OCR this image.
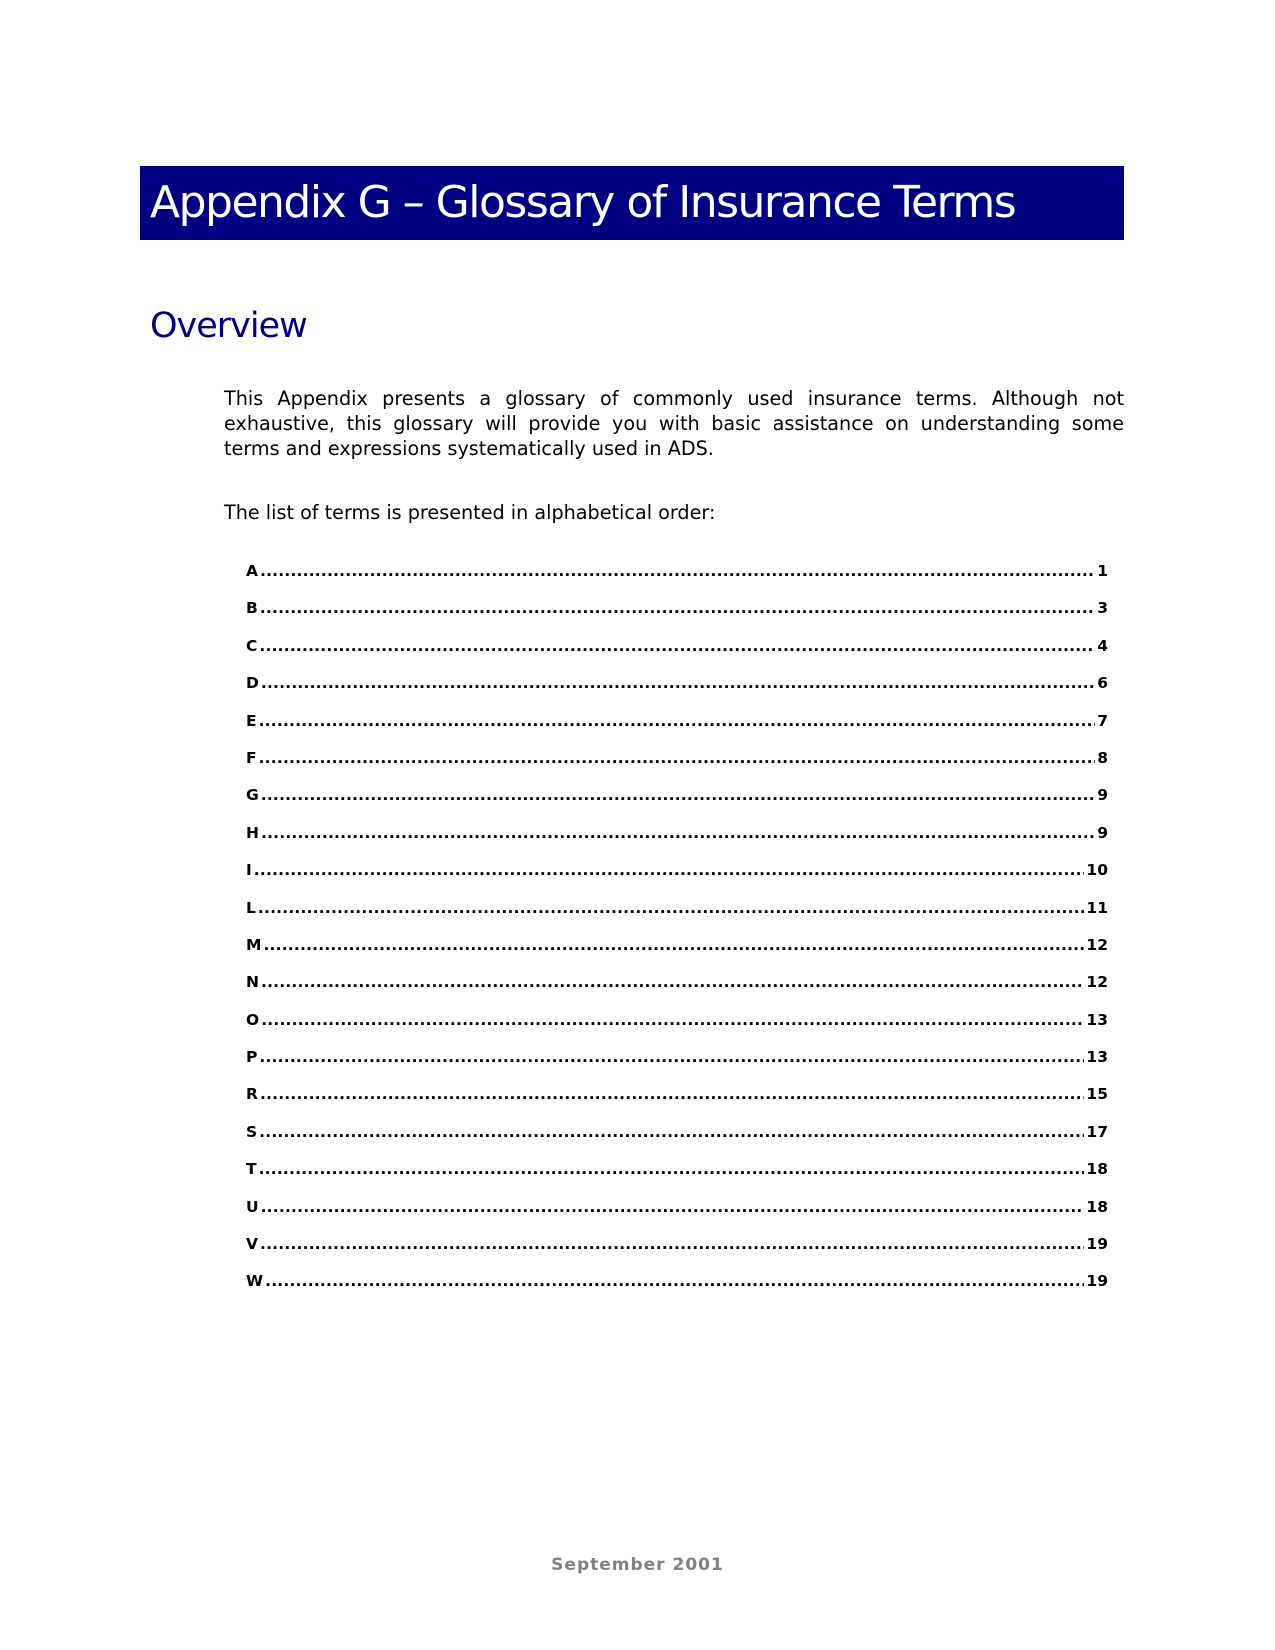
Appendix G – Glossary of Insurance Terms
Overview

This Appendix presents a glossary of commonly used insurance terms. Although not exhaustive, this glossary will provide you with basic assistance on understanding some terms and expressions systematically used in ADS.

The list of terms is presented in alphabetical order:

A .....	1
B .....	3
C .....	4
D .....	6
E .....	7
F .....	8
G .....	9
H .....	9
I .....	10
L .....	11
M .....	12
N .....	12
O .....	13
P .....	13
R .....	15
S .....	17
T .....	18
U .....	18
V .....	19
W .....	19
September 2001
